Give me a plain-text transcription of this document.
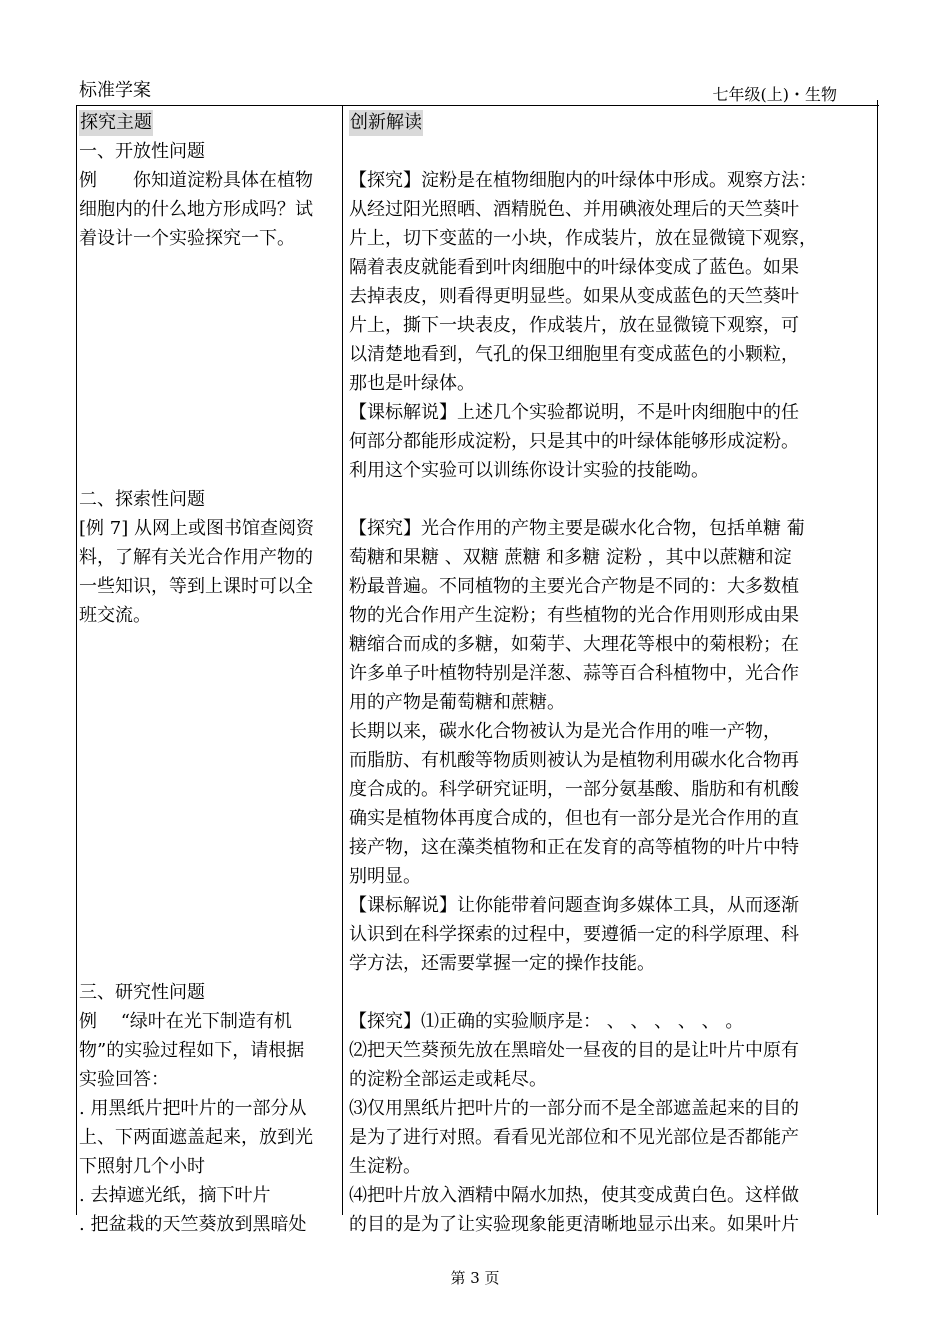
标准学案	七年级(上)・生物
探究主题
一、开放性问题
例　　你知道淀粉具体在植物
细胞内的什么地方形成吗？试
着设计一个实验探究一下。
二、探索性问题
[例 7] 从网上或图书馆查阅资
料，了解有关光合作用产物的
一些知识，等到上课时可以全
班交流。
三、研究性问题
例　 “绿叶在光下制造有机
物”的实验过程如下，请根据
实验回答：
. 用黑纸片把叶片的一部分从
上、下两面遮盖起来，放到光
下照射几个小时
. 去掉遮光纸，摘下叶片
. 把盆栽的天竺葵放到黑暗处
创新解读
【探究】淀粉是在植物细胞内的叶绿体中形成。观察方法：
从经过阳光照晒、酒精脱色、并用碘液处理后的天竺葵叶
片上，切下变蓝的一小块，作成装片，放在显微镜下观察，
隔着表皮就能看到叶肉细胞中的叶绿体变成了蓝色。如果
去掉表皮，则看得更明显些。如果从变成蓝色的天竺葵叶
片上，撕下一块表皮，作成装片，放在显微镜下观察，可
以清楚地看到，气孔的保卫细胞里有变成蓝色的小颗粒，
那也是叶绿体。
【课标解说】上述几个实验都说明，不是叶肉细胞中的任
何部分都能形成淀粉，只是其中的叶绿体能够形成淀粉。
利用这个实验可以训练你设计实验的技能呦。
【探究】光合作用的产物主要是碳水化合物，包括单糖 葡
萄糖和果糖 、双糖 蔗糖 和多糖 淀粉 ，其中以蔗糖和淀
粉最普遍。不同植物的主要光合产物是不同的：大多数植
物的光合作用产生淀粉；有些植物的光合作用则形成由果
糖缩合而成的多糖，如菊芋、大理花等根中的菊根粉；在
许多单子叶植物特别是洋葱、蒜等百合科植物中，光合作
用的产物是葡萄糖和蔗糖。
长期以来，碳水化合物被认为是光合作用的唯一产物，
而脂肪、有机酸等物质则被认为是植物利用碳水化合物再
度合成的。科学研究证明，一部分氨基酸、脂肪和有机酸
确实是植物体再度合成的，但也有一部分是光合作用的直
接产物，这在藻类植物和正在发育的高等植物的叶片中特
别明显。
【课标解说】让你能带着问题查询多媒体工具，从而逐渐
认识到在科学探索的过程中，要遵循一定的科学原理、科
学方法，还需要掌握一定的操作技能。
【探究】⑴正确的实验顺序是： 、 、 、 、 、 。
⑵把天竺葵预先放在黑暗处一昼夜的目的是让叶片中原有
的淀粉全部运走或耗尽。
⑶仅用黑纸片把叶片的一部分而不是全部遮盖起来的目的
是为了进行对照。看看见光部位和不见光部位是否都能产
生淀粉。
⑷把叶片放入酒精中隔水加热，使其变成黄白色。这样做
的目的是为了让实验现象能更清晰地显示出来。如果叶片
第 3 页
